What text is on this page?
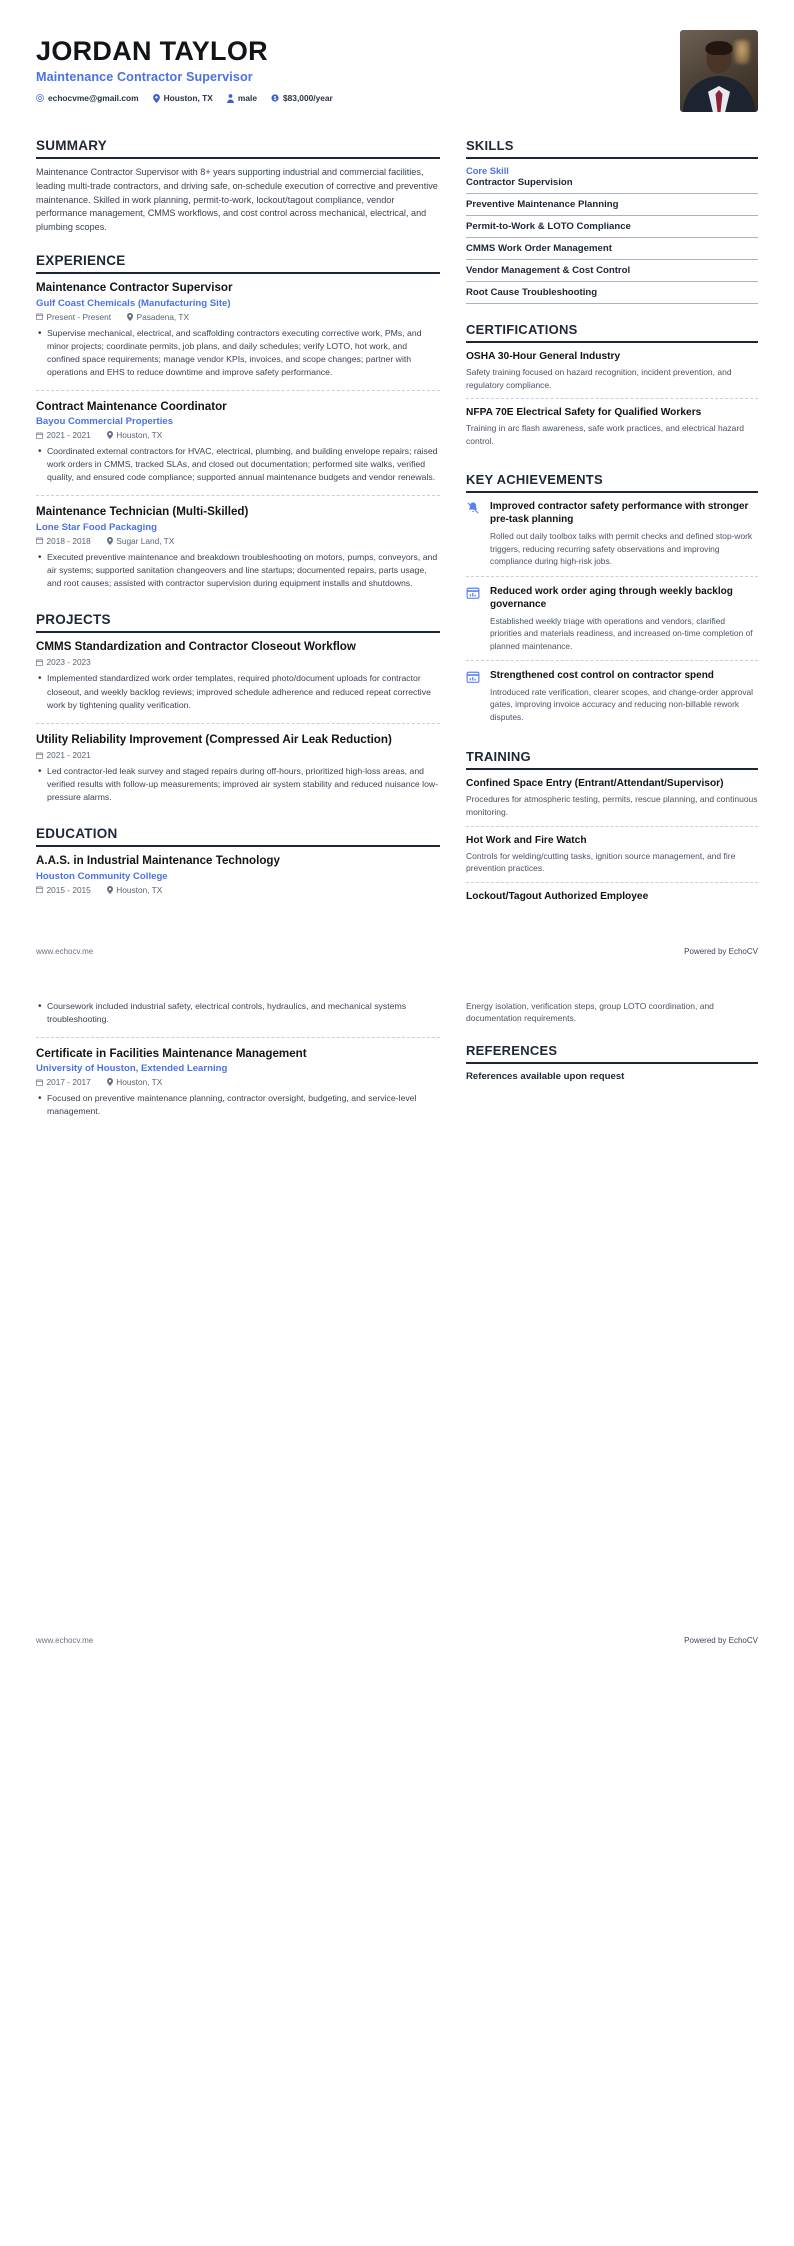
JORDAN TAYLOR
Maintenance Contractor Supervisor
echocvme@gmail.com	Houston, TX	male $ $83,000/year
SUMMARY
Maintenance Contractor Supervisor with 8+ years supporting industrial and commercial facilities, leading multi-trade contractors, and driving safe, on-schedule execution of corrective and preventive maintenance. Skilled in work planning, permit-to-work, lockout/tagout compliance, vendor performance management, CMMS workflows, and cost control across mechanical, electrical, and plumbing scopes.
EXPERIENCE
Maintenance Contractor Supervisor
Gulf Coast Chemicals (Manufacturing Site)
Present - Present	Pasadena, TX
• Supervise mechanical, electrical, and scaffolding contractors executing corrective work, PMs, and minor projects; coordinate permits, job plans, and daily schedules; verify LOTO, hot work, and confined space requirements; manage vendor KPIs, invoices, and scope changes; partner with operations and EHS to reduce downtime and improve safety performance.
Contract Maintenance Coordinator
Bayou Commercial Properties
2021 - 2021	Houston, TX
• Coordinated external contractors for HVAC, electrical, plumbing, and building envelope repairs; raised work orders in CMMS, tracked SLAs, and closed out documentation; performed site walks, verified quality, and ensured code compliance; supported annual maintenance budgets and vendor renewals.
Maintenance Technician (Multi-Skilled)
Lone Star Food Packaging
2018 - 2018	Sugar Land, TX
• Executed preventive maintenance and breakdown troubleshooting on motors, pumps, conveyors, and air systems; supported sanitation changeovers and line startups; documented repairs, parts usage, and root causes; assisted with contractor supervision during equipment installs and shutdowns.
PROJECTS
CMMS Standardization and Contractor Closeout Workflow
2023 - 2023
• Implemented standardized work order templates, required photo/document uploads for contractor closeout, and weekly backlog reviews; improved schedule adherence and reduced repeat corrective work by tightening quality verification.
Utility Reliability Improvement (Compressed Air Leak Reduction)
2021 - 2021
• Led contractor-led leak survey and staged repairs during off-hours, prioritized high-loss areas, and verified results with follow-up measurements; improved air system stability and reduced nuisance low-pressure alarms.
EDUCATION
A.A.S. in Industrial Maintenance Technology
Houston Community College
2015 - 2015	Houston, TX
SKILLS
Core Skill
Contractor Supervision
Preventive Maintenance Planning
Permit-to-Work & LOTO Compliance
CMMS Work Order Management
Vendor Management & Cost Control
Root Cause Troubleshooting
CERTIFICATIONS
OSHA 30-Hour General Industry
Safety training focused on hazard recognition, incident prevention, and regulatory compliance.
NFPA 70E Electrical Safety for Qualified Workers
Training in arc flash awareness, safe work practices, and electrical hazard control.
KEY ACHIEVEMENTS
Improved contractor safety performance with stronger pre-task planning
Rolled out daily toolbox talks with permit checks and defined stop-work triggers, reducing recurring safety observations and improving compliance during high-risk jobs.
Reduced work order aging through weekly backlog governance
Established weekly triage with operations and vendors, clarified priorities and materials readiness, and increased on-time completion of planned maintenance.
Strengthened cost control on contractor spend
Introduced rate verification, clearer scopes, and change-order approval gates, improving invoice accuracy and reducing non-billable rework disputes.
TRAINING
Confined Space Entry (Entrant/Attendant/Supervisor)
Procedures for atmospheric testing, permits, rescue planning, and continuous monitoring.
Hot Work and Fire Watch
Controls for welding/cutting tasks, ignition source management, and fire prevention practices.
Lockout/Tagout Authorized Employee
www.echocv.me	Powered by EchoCV
• Coursework included industrial safety, electrical controls, hydraulics, and mechanical systems troubleshooting.
Certificate in Facilities Maintenance Management
University of Houston, Extended Learning
2017 - 2017	Houston, TX
• Focused on preventive maintenance planning, contractor oversight, budgeting, and service-level management.
Energy isolation, verification steps, group LOTO coordination, and documentation requirements.
REFERENCES
References available upon request
www.echocv.me	Powered by EchoCV
